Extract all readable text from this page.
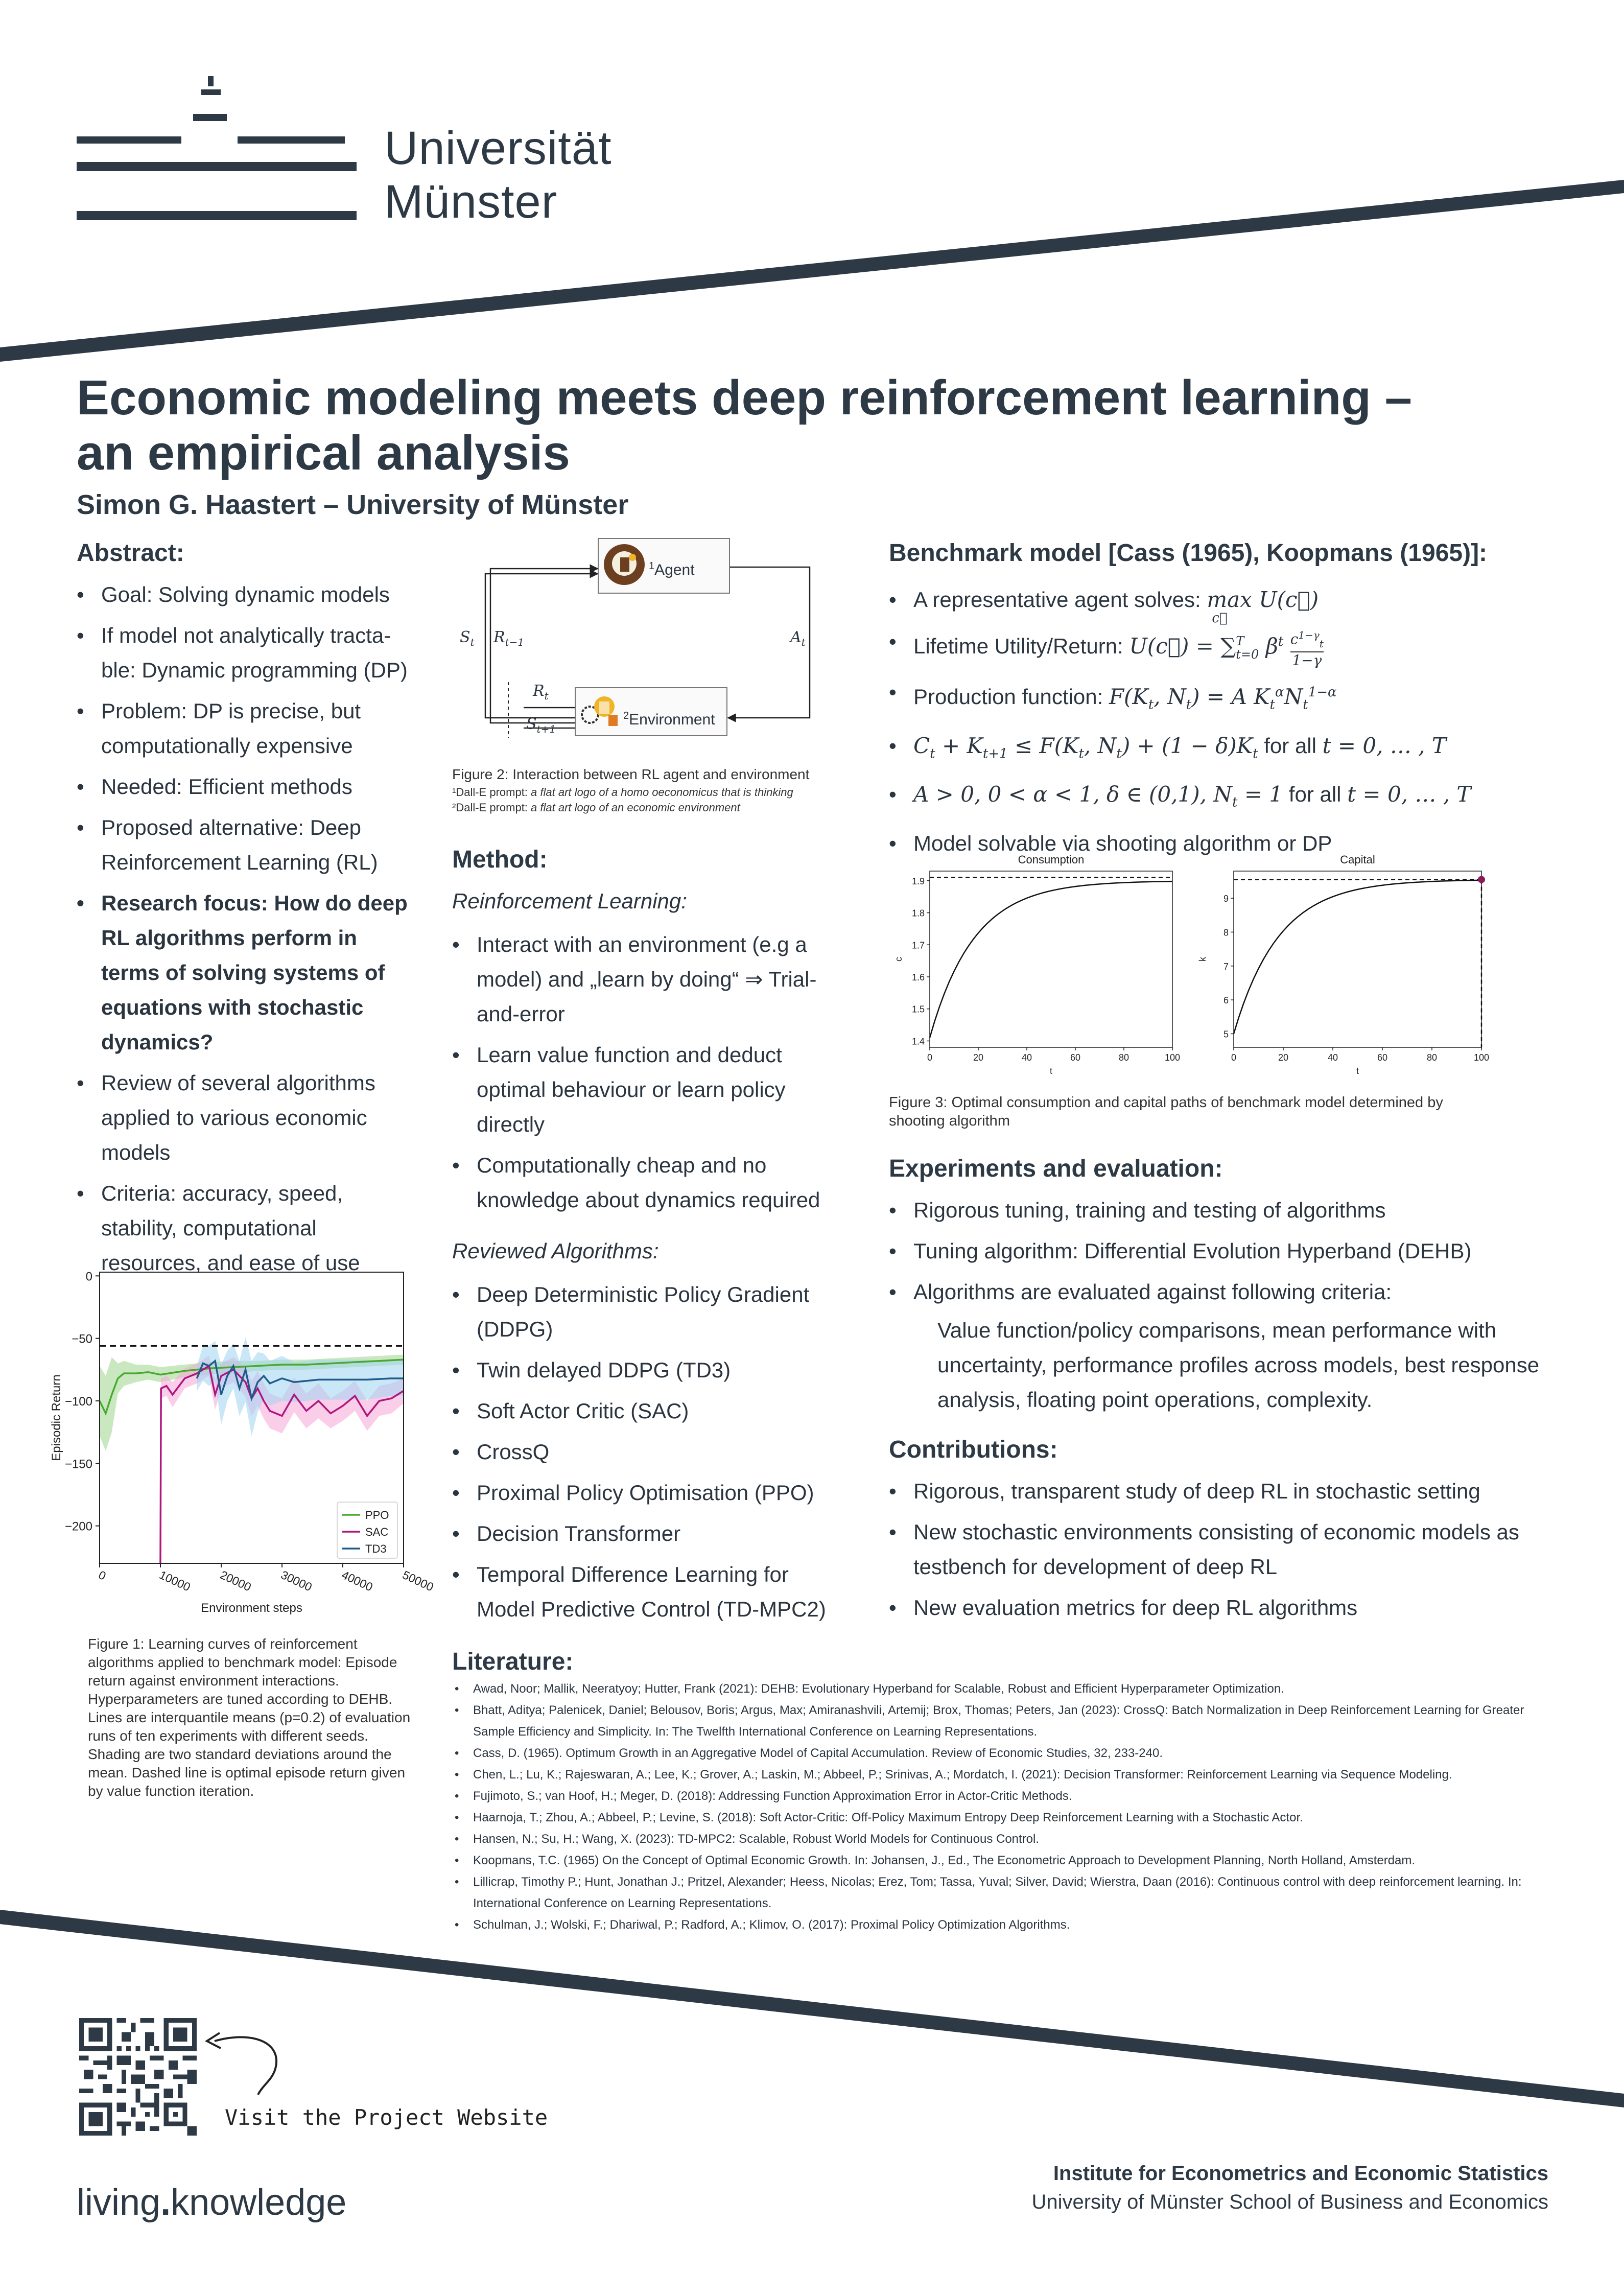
Universität
Münster
Economic modeling meets deep reinforcement learning –
an empirical analysis
Simon G. Haastert – University of Münster
Abstract:
• Goal: Solving dynamic models
• If model not analytically tracta-ble: Dynamic programming (DP)
• Problem: DP is precise, but computationally expensive
• Needed: Efficient methods
• Proposed alternative: Deep Reinforcement Learning (RL)
• Research focus: How do deep RL algorithms perform in terms of solving systems of equations with stochastic dynamics?
• Review of several algorithms applied to various economic models
• Criteria: accuracy, speed, stability, computational resources, and ease of use
0
−50
−100
−150
−200
0	10000 20000 30000 40000 50000
Environment steps
Episodic Return
PPO
SAC
TD3
Figure 1: Learning curves of reinforcement algorithms applied to benchmark model: Episode return against environment interactions. Hyperparameters are tuned according to DEHB. Lines are interquantile means (p=0.2) of evaluation runs of ten experiments with different seeds. Shading are two standard deviations around the mean. Dashed line is optimal episode return given by value function iteration.
$^1$Agent
$^2$Environment
$S_t$ $R_{t-1}$	$A_t$
$R_t$
$S_{t+1}$
Figure 2: Interaction between RL agent and environment
¹Dall-E prompt: a flat art logo of a homo oeconomicus that is thinking
²Dall-E prompt: a flat art logo of an economic environment
Method:
Reinforcement Learning:
• Interact with an environment (e.g a model) and „learn by doing“ ⇒ Trial-and-error
• Learn value function and deduct optimal behaviour or learn policy directly
• Computationally cheap and no knowledge about dynamics required
Reviewed Algorithms:
• Deep Deterministic Policy Gradient (DDPG)
• Twin delayed DDPG (TD3)
• Soft Actor Critic (SAC)
• CrossQ
• Proximal Policy Optimisation (PPO)
• Decision Transformer
• Temporal Difference Learning for Model Predictive Control (TD-MPC2)
Benchmark model [Cass (1965), Koopmans (1965)]:
• A representative agent solves: max U(c⃗)
c⃗
• Lifetime Utility/Return: U(c⃗) = ∑ T
t=0 $\beta^t \frac{c^{1-\gamma}_t}{1-\gamma}$
• Production function: $F(K_t$, $N_t) = A$ $K_t^\alpha N_t^{1-\alpha}$
• $C_t + K_{t+1} \le F(K_t$, $N_t) + (1 - \delta)K_t$ for all t = 0, … , T
• A > 0, 0 < α < 1, δ ∈ (0,1), $N_t = 1$ for all t = 0, … , T
• Model solvable via shooting algorithm or DP
Consumption
1.4
1.5
1.6
1.7
1.8
1.9
0	20	40	60	80	100
t
c
Capital
5
6
7
8
9
0	20	40	60	80	100
t
k
Figure 3: Optimal consumption and capital paths of benchmark model determined by shooting algorithm
Experiments and evaluation:
• Rigorous tuning, training and testing of algorithms
• Tuning algorithm: Differential Evolution Hyperband (DEHB)
• Algorithms are evaluated against following criteria:
Value function/policy comparisons, mean performance with uncertainty, performance profiles across models, best response analysis, floating point operations, complexity.
Contributions:
• Rigorous, transparent study of deep RL in stochastic setting
• New stochastic environments consisting of economic models as testbench for development of deep RL
• New evaluation metrics for deep RL algorithms
Literature:
• Awad, Noor; Mallik, Neeratyoy; Hutter, Frank (2021): DEHB: Evolutionary Hyperband for Scalable, Robust and Efficient Hyperparameter Optimization.
• Bhatt, Aditya; Palenicek, Daniel; Belousov, Boris; Argus, Max; Amiranashvili, Artemij; Brox, Thomas; Peters, Jan (2023): CrossQ: Batch Normalization in Deep Reinforcement Learning for Greater Sample Efficiency and Simplicity. In: The Twelfth International Conference on Learning Representations.
• Cass, D. (1965). Optimum Growth in an Aggregative Model of Capital Accumulation. Review of Economic Studies, 32, 233-240.
• Chen, L.; Lu, K.; Rajeswaran, A.; Lee, K.; Grover, A.; Laskin, M.; Abbeel, P.; Srinivas, A.; Mordatch, I. (2021): Decision Transformer: Reinforcement Learning via Sequence Modeling.
• Fujimoto, S.; van Hoof, H.; Meger, D. (2018): Addressing Function Approximation Error in Actor-Critic Methods.
• Haarnoja, T.; Zhou, A.; Abbeel, P.; Levine, S. (2018): Soft Actor-Critic: Off-Policy Maximum Entropy Deep Reinforcement Learning with a Stochastic Actor.
• Hansen, N.; Su, H.; Wang, X. (2023): TD-MPC2: Scalable, Robust World Models for Continuous Control.
• Koopmans, T.C. (1965) On the Concept of Optimal Economic Growth. In: Johansen, J., Ed., The Econometric Approach to Development Planning, North Holland, Amsterdam.
• Lillicrap, Timothy P.; Hunt, Jonathan J.; Pritzel, Alexander; Heess, Nicolas; Erez, Tom; Tassa, Yuval; Silver, David; Wierstra, Daan (2016): Continuous control with deep reinforcement learning. In: International Conference on Learning Representations.
• Schulman, J.; Wolski, F.; Dhariwal, P.; Radford, A.; Klimov, O. (2017): Proximal Policy Optimization Algorithms.
Visit the Project Website
living.knowledge
Institute for Econometrics and Economic Statistics
University of Münster School of Business and Economics
